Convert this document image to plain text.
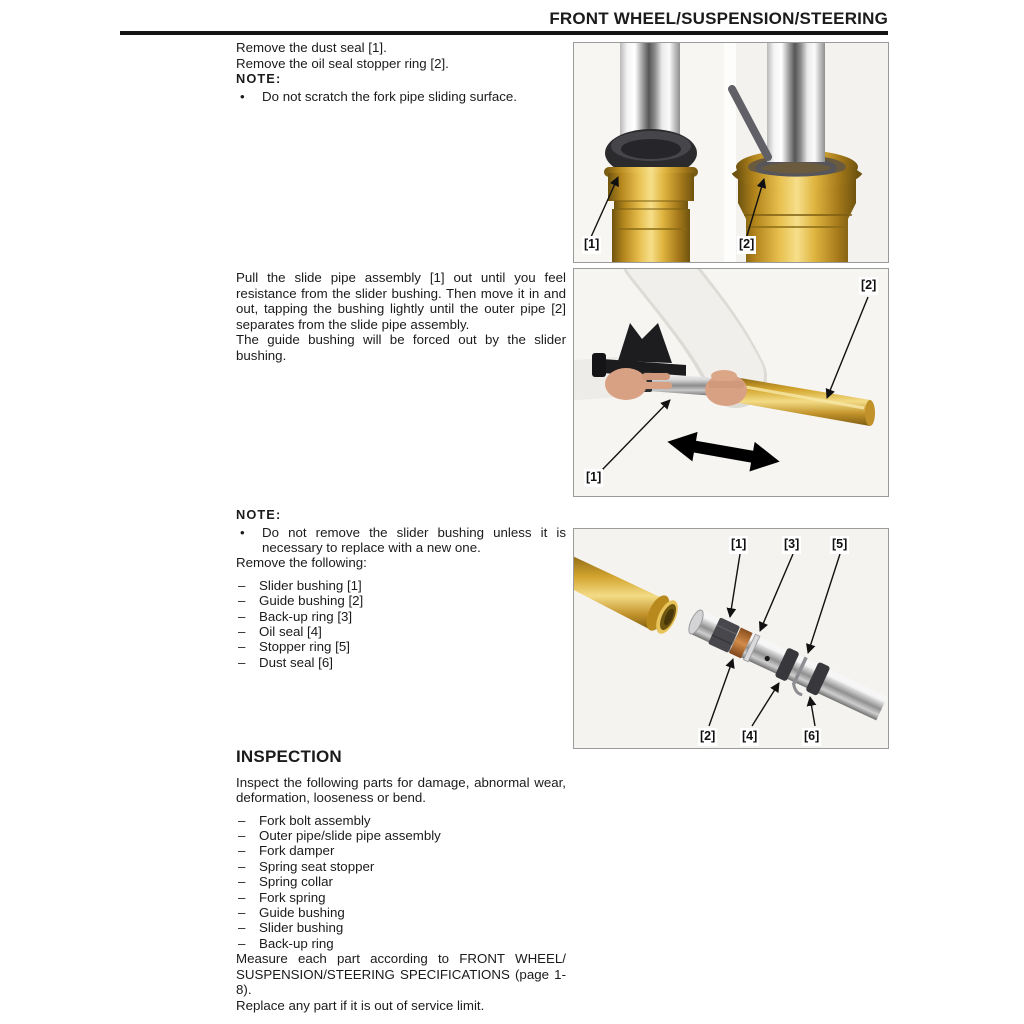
FRONT WHEEL/SUSPENSION/STEERING

Remove the dust seal [1].

Remove the oil seal stopper ring [2].

NOTE:

•	Do not scratch the fork pipe sliding surface.

Pull the slide pipe assembly [1] out until you feel resistance from the slider bushing. Then move it in and out, tapping the bushing lightly until the outer pipe [2] separates from the slide pipe assembly.

The guide bushing will be forced out by the slider bushing.

NOTE:

•	Do not remove the slider bushing unless it is necessary to replace with a new one.

Remove the following:

–	Slider bushing [1]
–	Guide bushing [2]
–	Back-up ring [3]
–	Oil seal [4]
–	Stopper ring [5]
–	Dust seal [6]
INSPECTION

Inspect the following parts for damage, abnormal wear, deformation, looseness or bend.

–	Fork bolt assembly
–	Outer pipe/slide pipe assembly
–	Fork damper
–	Spring seat stopper
–	Spring collar
–	Fork spring
–	Guide bushing
–	Slider bushing
–	Back-up ring

Measure each part according to FRONT WHEEL/ SUSPENSION/STEERING SPECIFICATIONS (page 1-8).

Replace any part if it is out of service limit.

[1]	[2]
[2]
[1]
[1]	[3]	[5]
[2] [4]	[6]
